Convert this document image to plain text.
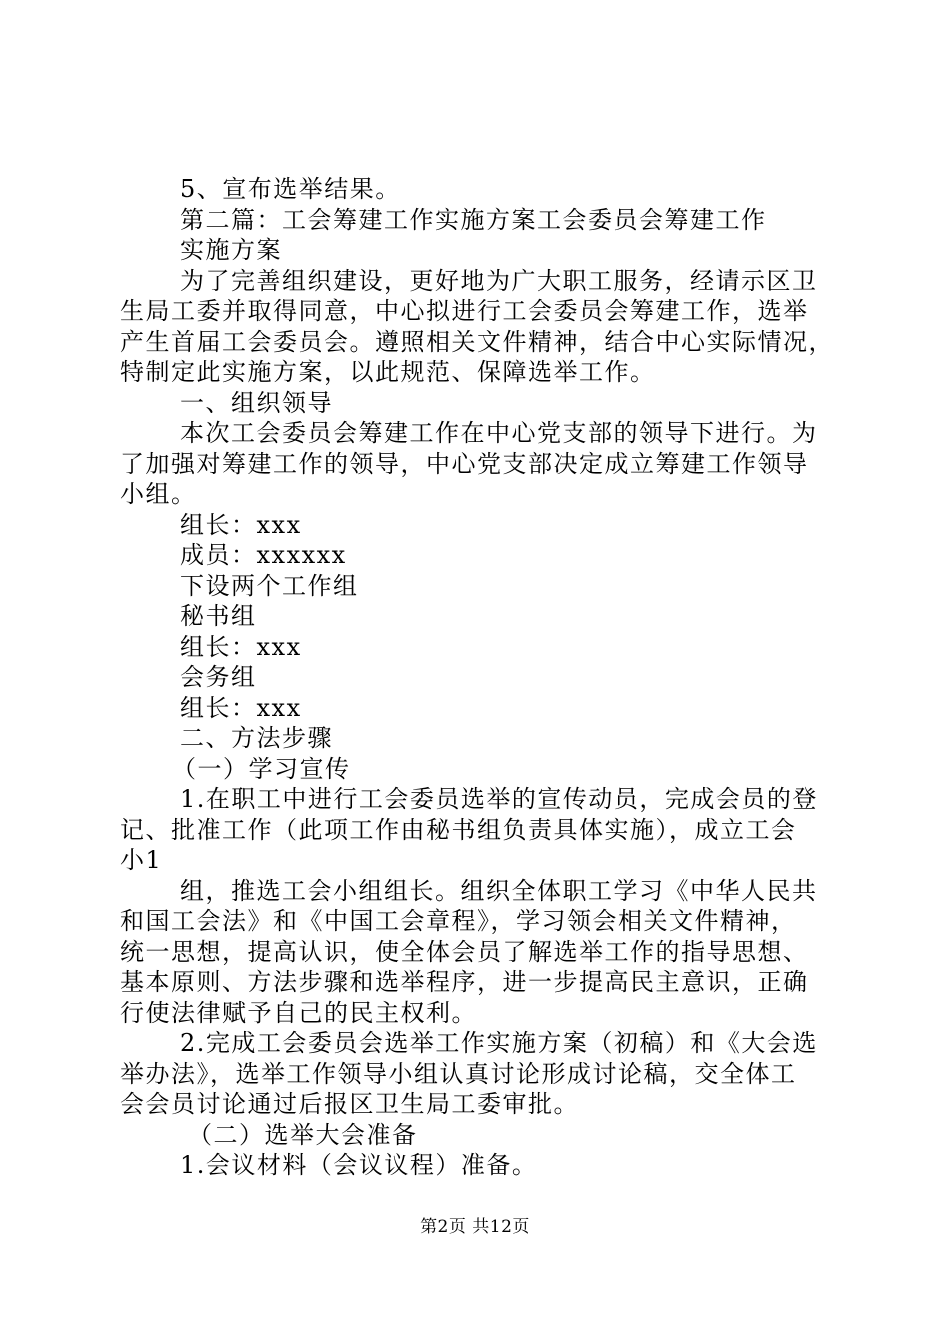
5、宣布选举结果。
第二篇：工会筹建工作实施方案工会委员会筹建工作
实施方案
为了完善组织建设，更好地为广大职工服务，经请示区卫
生局工委并取得同意，中心拟进行工会委员会筹建工作，选举
产生首届工会委员会。遵照相关文件精神，结合中心实际情况，
特制定此实施方案，以此规范、保障选举工作。
一、组织领导
本次工会委员会筹建工作在中心党支部的领导下进行。为
了加强对筹建工作的领导，中心党支部决定成立筹建工作领导
小组。
组长：xxx
成员：xxxxxx
下设两个工作组
秘书组
组长：xxx
会务组
组长：xxx
二、方法步骤
（一）学习宣传
1.在职工中进行工会委员选举的宣传动员，完成会员的登
记、批准工作（此项工作由秘书组负责具体实施），成立工会
小1
组，推选工会小组组长。组织全体职工学习《中华人民共
和国工会法》和《中国工会章程》，学习领会相关文件精神，
统一思想，提高认识，使全体会员了解选举工作的指导思想、
基本原则、方法步骤和选举程序，进一步提高民主意识，正确
行使法律赋予自己的民主权利。
2.完成工会委员会选举工作实施方案（初稿）和《大会选
举办法》，选举工作领导小组认真讨论形成讨论稿，交全体工
会会员讨论通过后报区卫生局工委审批。
（二）选举大会准备
1.会议材料（会议议程）准备。
第2页 共12页
